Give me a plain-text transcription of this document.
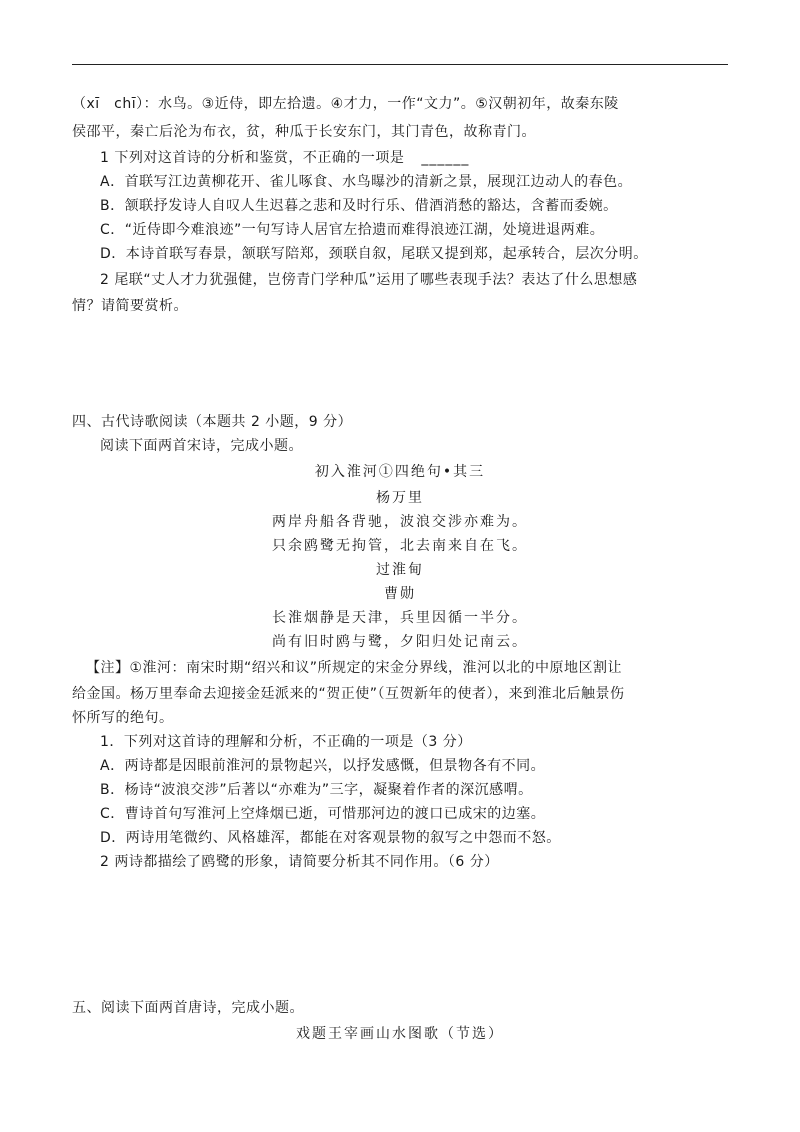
（xī　chī）：水鸟。③近侍，即左拾遗。④才力，一作“文力”。⑤汉朝初年，故秦东陵
侯邵平，秦亡后沦为布衣，贫，种瓜于长安东门，其门青色，故称青门。
1 下列对这首诗的分析和鉴赏，不正确的一项是 ______
A．首联写江边黄柳花开、雀儿啄食、水鸟曝沙的清新之景，展现江边动人的春色。
B．颔联抒发诗人自叹人生迟暮之悲和及时行乐、借酒消愁的豁达，含蓄而委婉。
C．“近侍即今难浪迹”一句写诗人居官左拾遗而难得浪迹江湖，处境进退两难。
D．本诗首联写春景，颔联写陪郑，颈联自叙，尾联又提到郑，起承转合，层次分明。
2 尾联“丈人才力犹强健，岂傍青门学种瓜”运用了哪些表现手法？表达了什么思想感
情？请简要赏析。
四、古代诗歌阅读（本题共 2 小题，9 分）
阅读下面两首宋诗，完成小题。
初入淮河①四绝句•其三
杨万里
两岸舟船各背驰，波浪交涉亦难为。
只余鸥鹭无拘管，北去南来自在飞。
过淮甸
曹勋
长淮烟静是天津，兵里因循一半分。
尚有旧时鸥与鹭，夕阳归处记南云。
【注】①淮河：南宋时期“绍兴和议”所规定的宋金分界线，淮河以北的中原地区割让
给金国。杨万里奉命去迎接金廷派来的“贺正使”（互贺新年的使者），来到淮北后触景伤
怀所写的绝句。
1．下列对这首诗的理解和分析，不正确的一项是（3 分）
A．两诗都是因眼前淮河的景物起兴，以抒发感慨，但景物各有不同。
B．杨诗“波浪交涉”后著以“亦难为”三字，凝聚着作者的深沉感喟。
C．曹诗首句写淮河上空烽烟已逝，可惜那河边的渡口已成宋的边塞。
D．两诗用笔微约、风格雄浑，都能在对客观景物的叙写之中怨而不怒。
2 两诗都描绘了鸥鹭的形象，请简要分析其不同作用。（6 分）
五、阅读下面两首唐诗，完成小题。
戏题王宰画山水图歌（节选）
